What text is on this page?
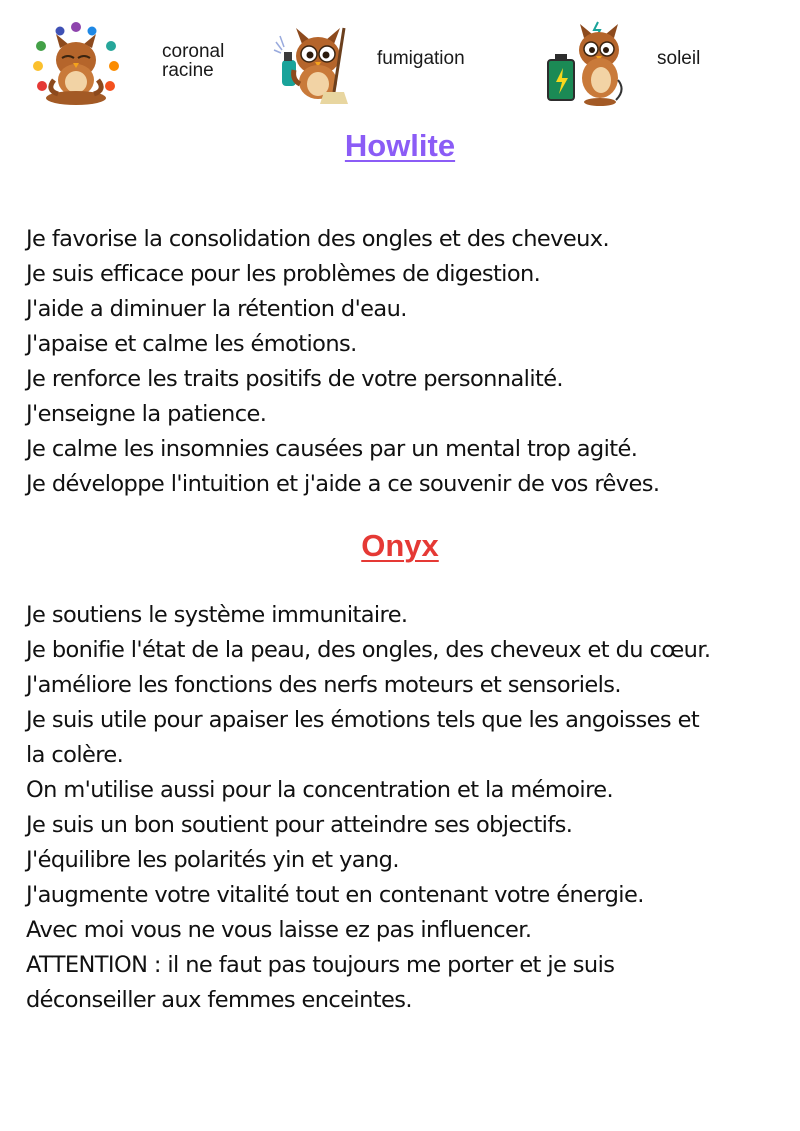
coronal
racine
fumigation	soleil
Howlite
Je favorise la consolidation des ongles et des cheveux.
Je suis efficace pour les problèmes de digestion.
J'aide a diminuer la rétention d'eau.
J'apaise et calme les émotions.
Je renforce les traits positifs de votre personnalité.
J'enseigne la patience.
Je calme les insomnies causées par un mental trop agité.
Je développe l'intuition et j'aide a ce souvenir de vos rêves.
Onyx
Je soutiens le système immunitaire.
Je bonifie l'état de la peau, des ongles, des cheveux et du cœur.
J'améliore les fonctions des nerfs moteurs et sensoriels.
Je suis utile pour apaiser les émotions tels que les angoisses et
la colère.
On m'utilise aussi pour la concentration et la mémoire.
Je suis un bon soutient pour atteindre ses objectifs.
J'équilibre les polarités yin et yang.
J'augmente votre vitalité tout en contenant votre énergie.
Avec moi vous ne vous laisse ez pas influencer.
ATTENTION : il ne faut pas toujours me porter et je suis
déconseiller aux femmes enceintes.
